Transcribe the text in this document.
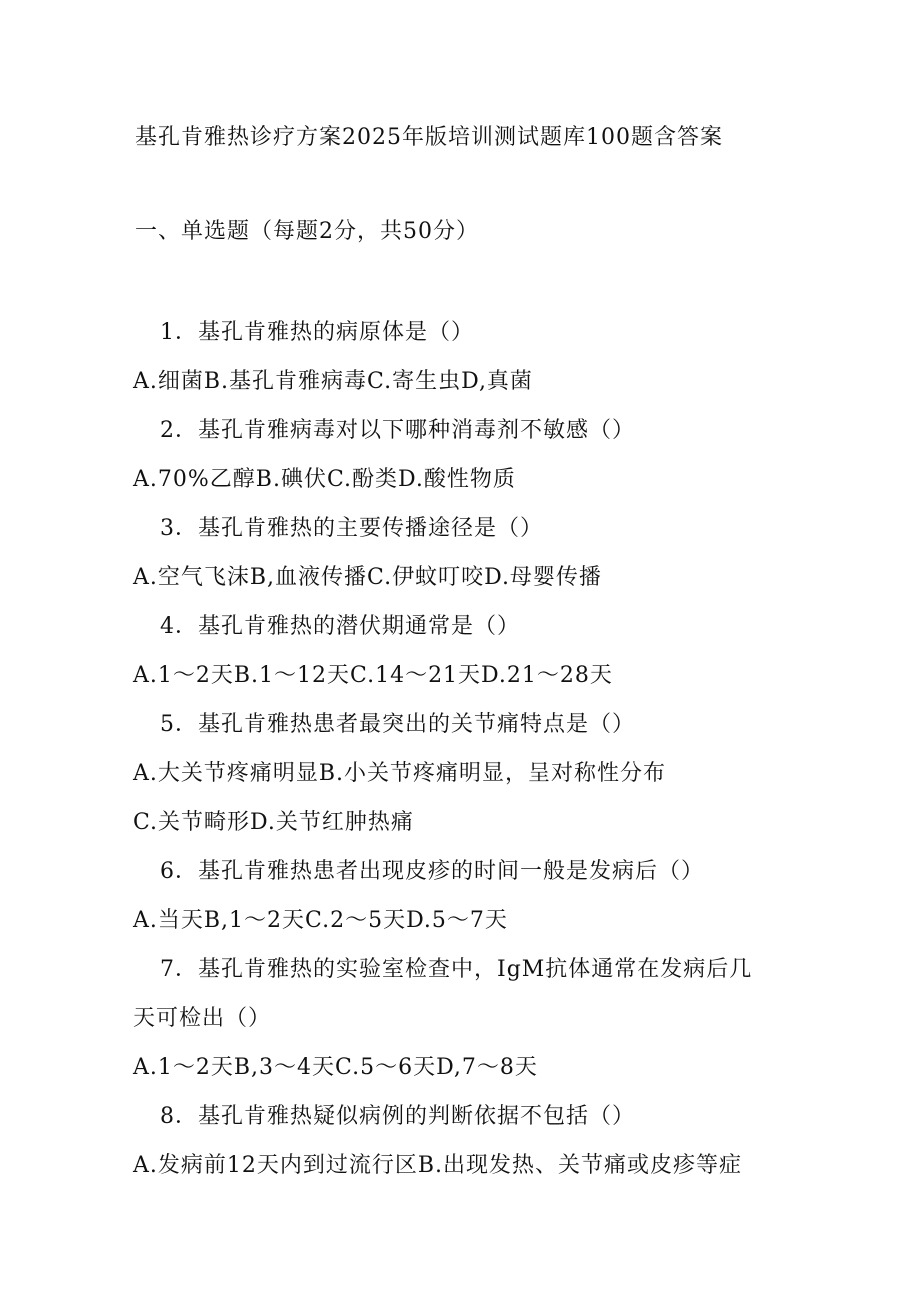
基孔肯雅热诊疗方案2025年版培训测试题库100题含答案
一、单选题（每题2分，共50分）
1．基孔肯雅热的病原体是（）
A.细菌B.基孔肯雅病毒C.寄生虫D,真菌
2．基孔肯雅病毒对以下哪种消毒剂不敏感（）
A.70%乙醇B.碘伏C.酚类D.酸性物质
3．基孔肯雅热的主要传播途径是（）
A.空气飞沫B,血液传播C.伊蚊叮咬D.母婴传播
4．基孔肯雅热的潜伏期通常是（）
A.1～2天B.1～12天C.14～21天D.21～28天
5．基孔肯雅热患者最突出的关节痛特点是（）
A.大关节疼痛明显B.小关节疼痛明显，呈对称性分布
C.关节畸形D.关节红肿热痛
6．基孔肯雅热患者出现皮疹的时间一般是发病后（）
A.当天B,1～2天C.2～5天D.5～7天
7．基孔肯雅热的实验室检查中，IgM抗体通常在发病后几
天可检出（）
A.1～2天B,3～4天C.5～6天D,7～8天
8．基孔肯雅热疑似病例的判断依据不包括（）
A.发病前12天内到过流行区B.出现发热、关节痛或皮疹等症
